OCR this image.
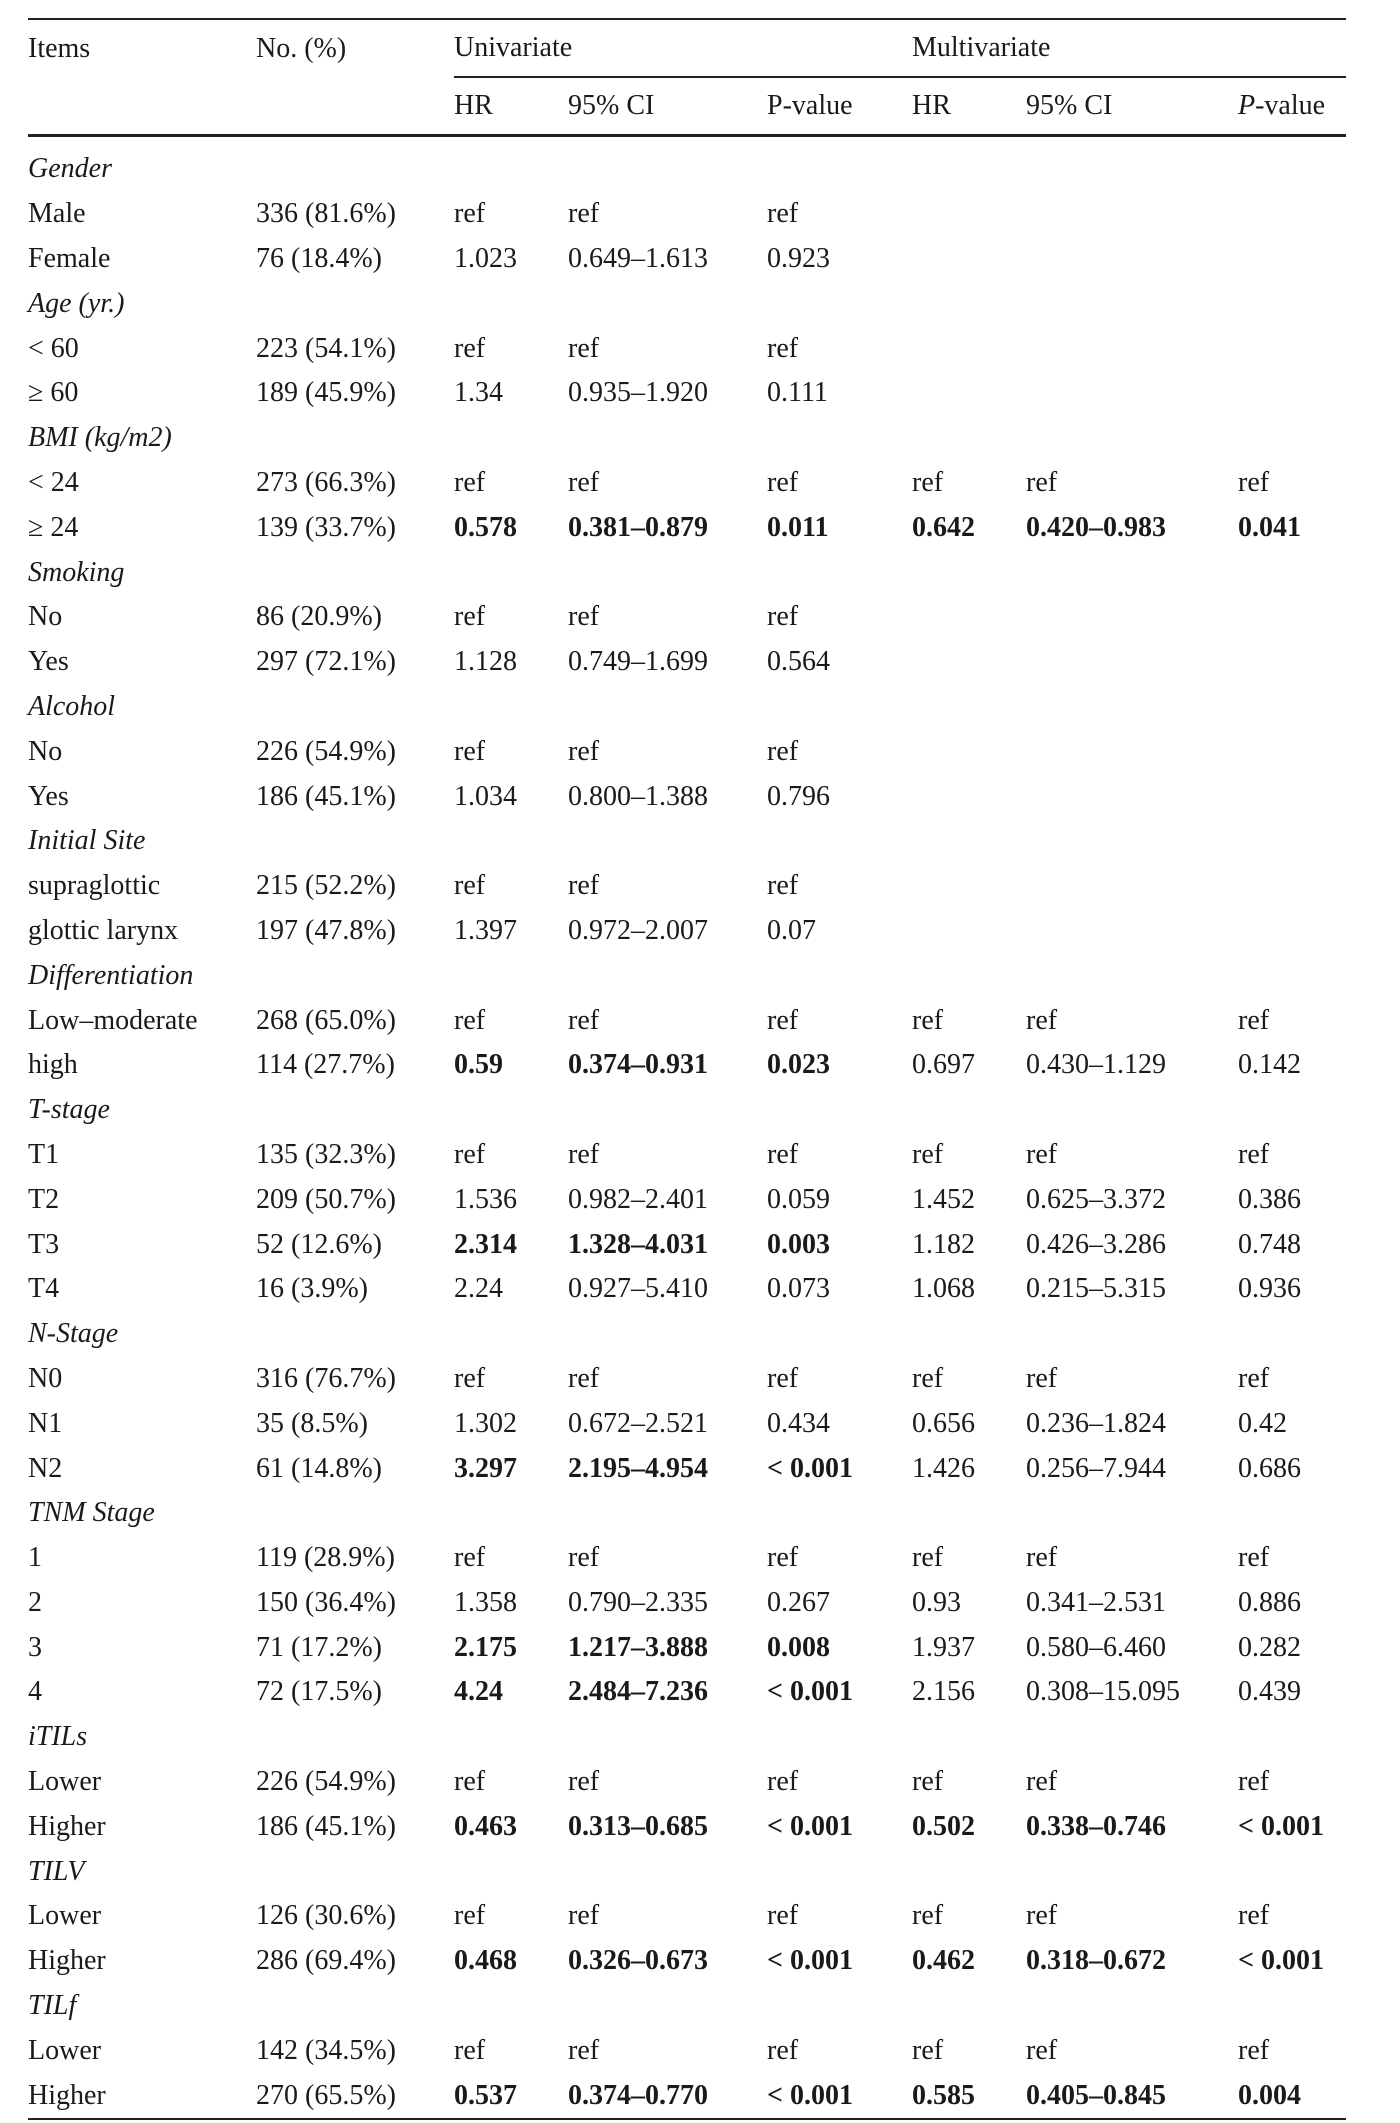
Items	No. (%)	Univariate			Multivariate		
		HR	95% CI	P-value	HR	95% CI	P-value
Gender							
Male	336 (81.6%)	ref	ref	ref			
Female	76 (18.4%)	1.023	0.649–1.613	0.923			
Age (yr.)							
< 60	223 (54.1%)	ref	ref	ref			
≥ 60	189 (45.9%)	1.34	0.935–1.920	0.111			
BMI (kg/m2)							
< 24	273 (66.3%)	ref	ref	ref	ref	ref	ref
≥ 24	139 (33.7%)	0.578	0.381–0.879	0.011	0.642	0.420–0.983	0.041
Smoking							
No	86 (20.9%)	ref	ref	ref			
Yes	297 (72.1%)	1.128	0.749–1.699	0.564			
Alcohol							
No	226 (54.9%)	ref	ref	ref			
Yes	186 (45.1%)	1.034	0.800–1.388	0.796			
Initial Site							
supraglottic	215 (52.2%)	ref	ref	ref			
glottic larynx	197 (47.8%)	1.397	0.972–2.007	0.07			
Differentiation							
Low–moderate	268 (65.0%)	ref	ref	ref	ref	ref	ref
high	114 (27.7%)	0.59	0.374–0.931	0.023	0.697	0.430–1.129	0.142
T-stage							
T1	135 (32.3%)	ref	ref	ref	ref	ref	ref
T2	209 (50.7%)	1.536	0.982–2.401	0.059	1.452	0.625–3.372	0.386
T3	52 (12.6%)	2.314	1.328–4.031	0.003	1.182	0.426–3.286	0.748
T4	16 (3.9%)	2.24	0.927–5.410	0.073	1.068	0.215–5.315	0.936
N-Stage							
N0	316 (76.7%)	ref	ref	ref	ref	ref	ref
N1	35 (8.5%)	1.302	0.672–2.521	0.434	0.656	0.236–1.824	0.42
N2	61 (14.8%)	3.297	2.195–4.954	< 0.001	1.426	0.256–7.944	0.686
TNM Stage							
1	119 (28.9%)	ref	ref	ref	ref	ref	ref
2	150 (36.4%)	1.358	0.790–2.335	0.267	0.93	0.341–2.531	0.886
3	71 (17.2%)	2.175	1.217–3.888	0.008	1.937	0.580–6.460	0.282
4	72 (17.5%)	4.24	2.484–7.236	< 0.001	2.156	0.308–15.095	0.439
iTILs							
Lower	226 (54.9%)	ref	ref	ref	ref	ref	ref
Higher	186 (45.1%)	0.463	0.313–0.685	< 0.001	0.502	0.338–0.746	< 0.001
TILV							
Lower	126 (30.6%)	ref	ref	ref	ref	ref	ref
Higher	286 (69.4%)	0.468	0.326–0.673	< 0.001	0.462	0.318–0.672	< 0.001
TILf							
Lower	142 (34.5%)	ref	ref	ref	ref	ref	ref
Higher	270 (65.5%)	0.537	0.374–0.770	< 0.001	0.585	0.405–0.845	0.004
